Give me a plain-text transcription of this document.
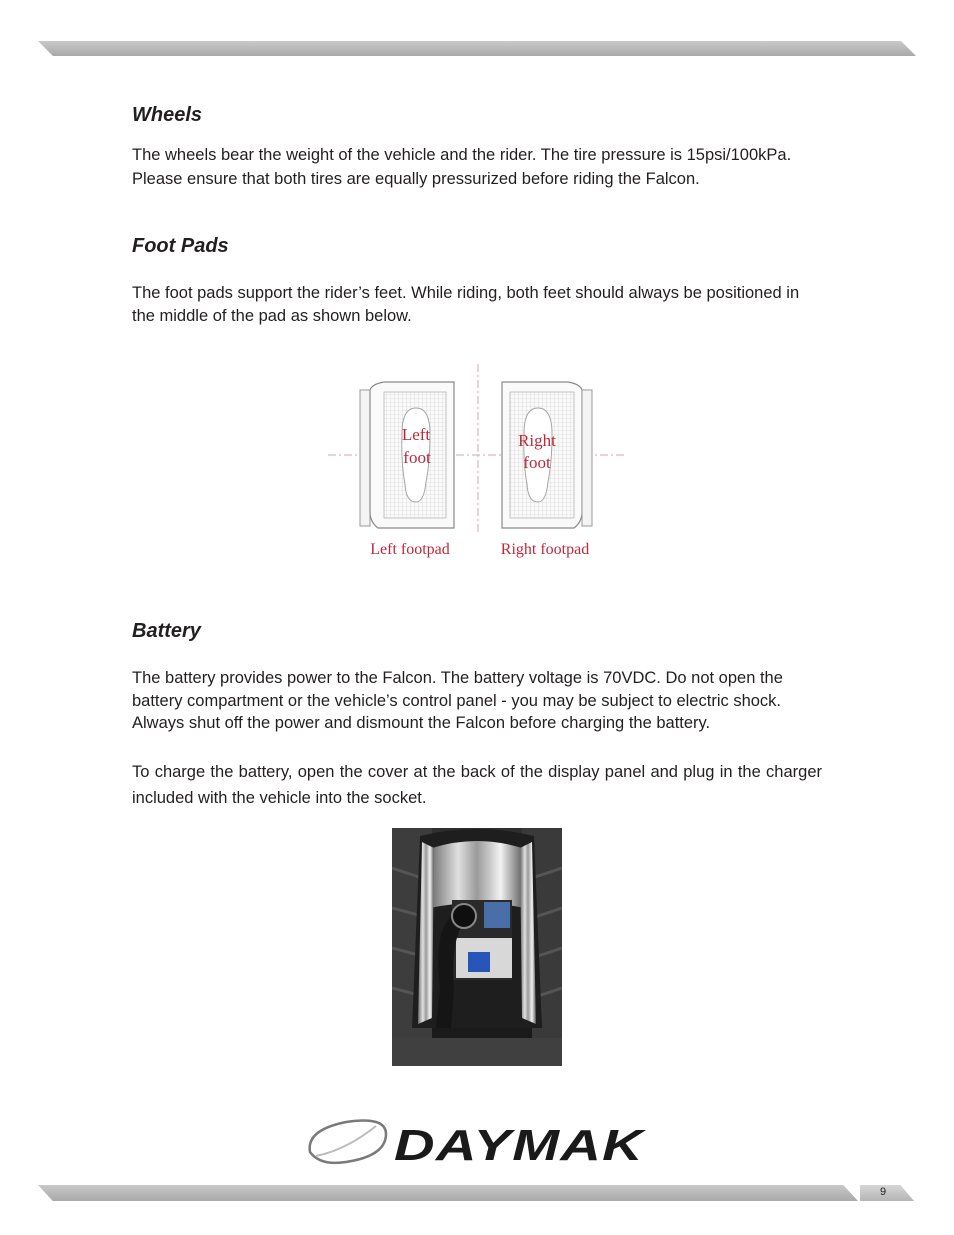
Wheels

The wheels bear the weight of the vehicle and the rider. The tire pressure is 15psi/100kPa.
Please ensure that both tires are equally pressurized before riding the Falcon.

Foot Pads

The foot pads support the rider’s feet. While riding, both feet should always be positioned in the middle of the pad as shown below.

Left
foot
Right
foot
Left footpad	Right footpad
Battery

The battery provides power to the Falcon. The battery voltage is 70VDC. Do not open the battery compartment or the vehicle’s control panel - you may be subject to electric shock. Always shut off the power and dismount the Falcon before charging the battery.

To charge the battery, open the cover at the back of the display panel and plug in the charger included with the vehicle into the socket.

DAYMAK
9
